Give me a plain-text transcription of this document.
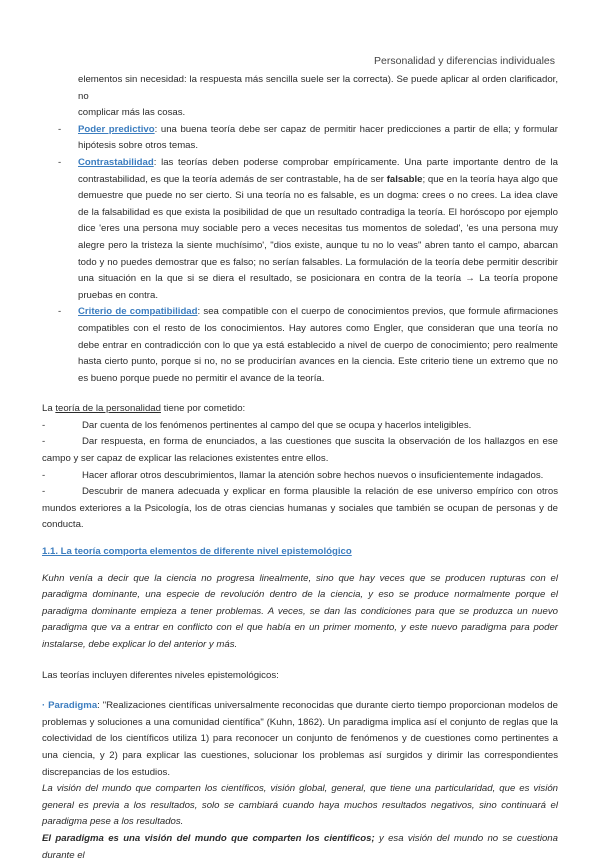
Personalidad y diferencias individuales

elementos sin necesidad: la respuesta más sencilla suele ser la correcta). Se puede aplicar al orden clarificador, no
complicar más las cosas.

- Poder predictivo: una buena teoría debe ser capaz de permitir hacer predicciones a partir de ella; y formular hipótesis sobre otros temas.

- Contrastabilidad: las teorías deben poderse comprobar empíricamente. Una parte importante dentro de la contrastabilidad, es que la teoría además de ser contrastable, ha de ser falsable; que en la teoría haya algo que demuestre que puede no ser cierto. Si una teoría no es falsable, es un dogma: crees o no crees. La idea clave de la falsabilidad es que exista la posibilidad de que un resultado contradiga la teoría. El horóscopo por ejemplo dice 'eres una persona muy sociable pero a veces necesitas tus momentos de soledad', 'es una persona muy alegre pero la tristeza la siente muchísimo', "dios existe, aunque tu no lo veas" abren tanto el campo, abarcan todo y no puedes demostrar que es falso; no serían falsables. La formulación de la teoría debe permitir describir una situación en la que si se diera el resultado, se posicionara en contra de la teoría → La teoría propone pruebas en contra.

- Criterio de compatibilidad: sea compatible con el cuerpo de conocimientos previos, que formule afirmaciones compatibles con el resto de los conocimientos. Hay autores como Engler, que consideran que una teoría no debe entrar en contradicción con lo que ya está establecido a nivel de cuerpo de conocimiento; pero realmente hasta cierto punto, porque si no, no se producirían avances en la ciencia. Este criterio tiene un extremo que no es bueno porque puede no permitir el avance de la teoría.

La teoría de la personalidad tiene por cometido:

-	Dar cuenta de los fenómenos pertinentes al campo del que se ocupa y hacerlos inteligibles.

-	Dar respuesta, en forma de enunciados, a las cuestiones que suscita la observación de los hallazgos en ese campo y ser capaz de explicar las relaciones existentes entre ellos.

-	Hacer aflorar otros descubrimientos, llamar la atención sobre hechos nuevos o insuficientemente indagados.

-	Descubrir de manera adecuada y explicar en forma plausible la relación de ese universo empírico con otros mundos exteriores a la Psicología, los de otras ciencias humanas y sociales que también se ocupan de personas y de conducta.

1.1. La teoría comporta elementos de diferente nivel epistemológico

Kuhn venía a decir que la ciencia no progresa linealmente, sino que hay veces que se producen rupturas con el paradigma dominante, una especie de revolución dentro de la ciencia, y eso se produce normalmente porque el paradigma dominante empieza a tener problemas. A veces, se dan las condiciones para que se produzca un nuevo paradigma que va a entrar en conflicto con el que había en un primer momento, y este nuevo paradigma para poder instalarse, debe explicar lo del anterior y más.

Las teorías incluyen diferentes niveles epistemológicos:

· Paradigma: "Realizaciones científicas universalmente reconocidas que durante cierto tiempo proporcionan modelos de problemas y soluciones a una comunidad científica" (Kuhn, 1862). Un paradigma implica así el conjunto de reglas que la colectividad de los científicos utiliza 1) para reconocer un conjunto de fenómenos y de cuestiones como pertinentes a una ciencia, y 2) para explicar las cuestiones, solucionar los problemas así surgidos y dirimir las correspondientes discrepancias de los estudios.

La visión del mundo que comparten los científicos, visión global, general, que tiene una particularidad, que es visión general es previa a los resultados, solo se cambiará cuando haya muchos resultados negativos, sino continuará el paradigma pese a los resultados.

El paradigma es una visión del mundo que comparten los científicos; y esa visión del mundo no se cuestiona durante el
